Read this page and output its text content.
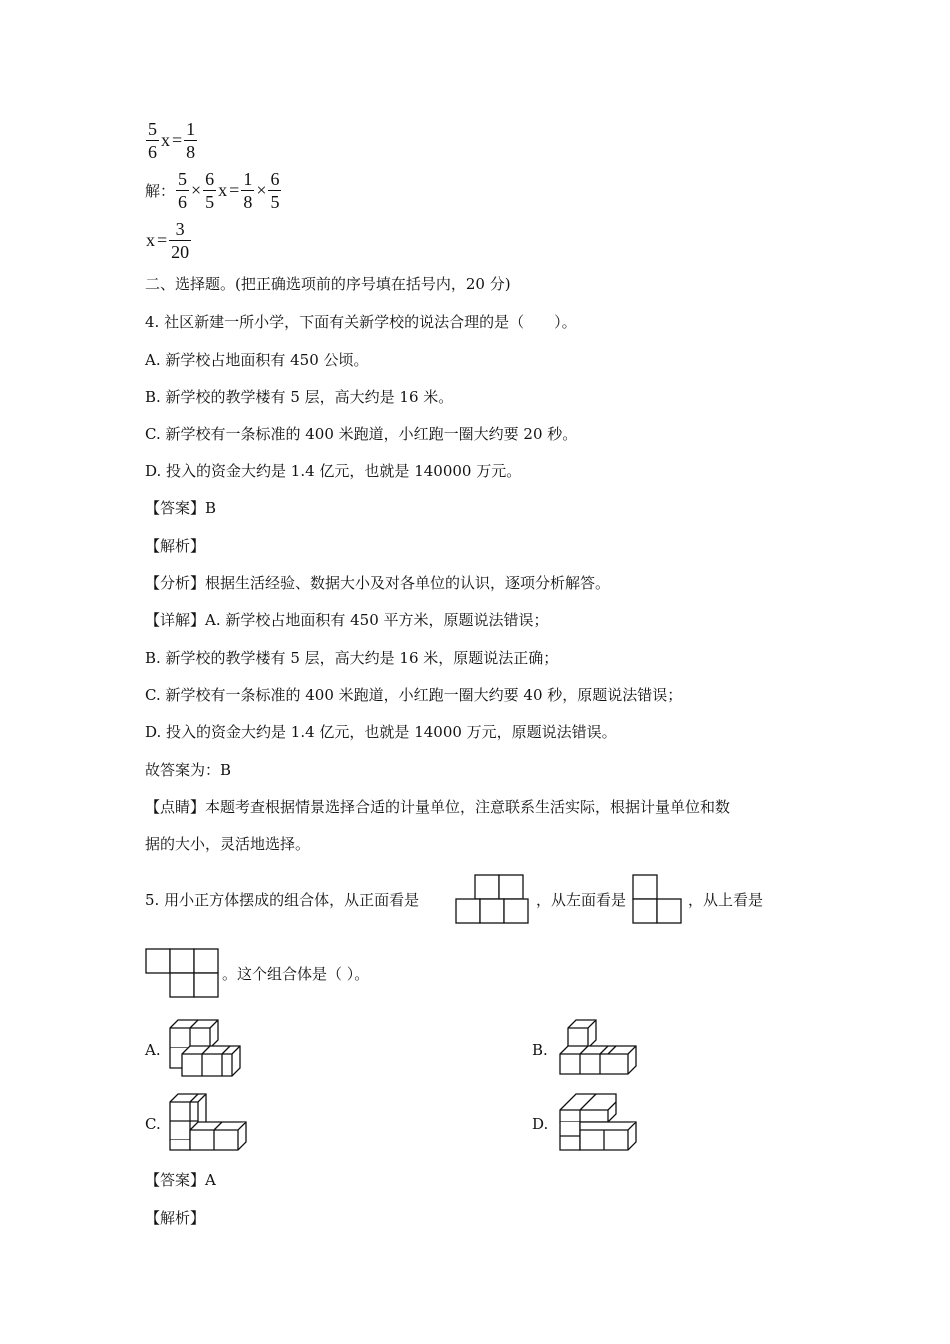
$\frac{5}{6}$ $x = \frac{1}{8}$
解： $\frac{5}{6} \times \frac{6}{5}$ $x = \frac{1}{8} \times \frac{6}{5}$
$x = \frac{3}{20}$
二、选择题。(把正确选项前的序号填在括号内，20 分)
4. 社区新建一所小学，下面有关新学校的说法合理的是（　　）。
A. 新学校占地面积有 450 公顷。
B. 新学校的教学楼有 5 层，高大约是 16 米。
C. 新学校有一条标准的 400 米跑道，小红跑一圈大约要 20 秒。
D. 投入的资金大约是 1.4 亿元，也就是 140000 万元。
【答案】B
【解析】
【分析】根据生活经验、数据大小及对各单位的认识，逐项分析解答。
【详解】A. 新学校占地面积有 450 平方米，原题说法错误；
B. 新学校的教学楼有 5 层，高大约是 16 米，原题说法正确；
C. 新学校有一条标准的 400 米跑道，小红跑一圈大约要 40 秒，原题说法错误；
D. 投入的资金大约是 1.4 亿元，也就是 14000 万元，原题说法错误。
故答案为：B
【点睛】本题考查根据情景选择合适的计量单位，注意联系生活实际，根据计量单位和数
据的大小，灵活地选择。
5. 用小正方体摆成的组合体，从正面看是	，从左面看是	，从上看是
。这个组合体是（ ）。
A.	B.
C.	D.
【答案】A
【解析】
